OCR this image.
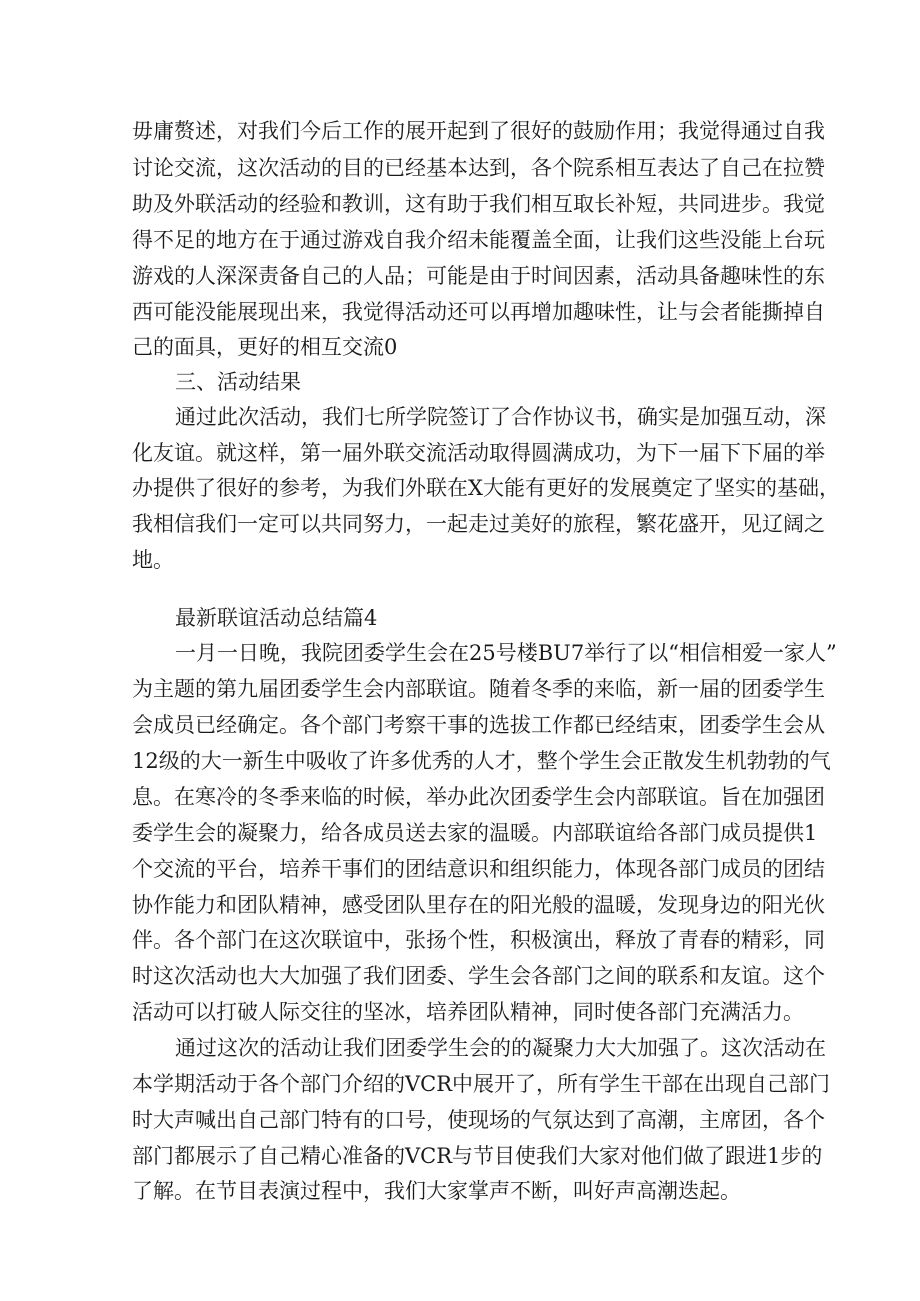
毋庸赘述，对我们今后工作的展开起到了很好的鼓励作用；我觉得通过自我
讨论交流，这次活动的目的已经基本达到，各个院系相互表达了自己在拉赞
助及外联活动的经验和教训，这有助于我们相互取长补短，共同进步。我觉
得不足的地方在于通过游戏自我介绍未能覆盖全面，让我们这些没能上台玩
游戏的人深深责备自己的人品；可能是由于时间因素，活动具备趣味性的东
西可能没能展现出来，我觉得活动还可以再增加趣味性，让与会者能撕掉自
己的面具，更好的相互交流0
三、活动结果
通过此次活动，我们七所学院签订了合作协议书，确实是加强互动，深
化友谊。就这样，第一届外联交流活动取得圆满成功，为下一届下下届的举
办提供了很好的参考，为我们外联在X大能有更好的发展奠定了坚实的基础，
我相信我们一定可以共同努力，一起走过美好的旅程，繁花盛开，见辽阔之
地。
最新联谊活动总结篇4
一月一日晚，我院团委学生会在25号楼BU7举行了以“相信相爱一家人”
为主题的第九届团委学生会内部联谊。随着冬季的来临，新一届的团委学生
会成员已经确定。各个部门考察干事的选拔工作都已经结束，团委学生会从
12级的大一新生中吸收了许多优秀的人才，整个学生会正散发生机勃勃的气
息。在寒冷的冬季来临的时候，举办此次团委学生会内部联谊。旨在加强团
委学生会的凝聚力，给各成员送去家的温暖。内部联谊给各部门成员提供1
个交流的平台，培养干事们的团结意识和组织能力，体现各部门成员的团结
协作能力和团队精神，感受团队里存在的阳光般的温暖，发现身边的阳光伙
伴。各个部门在这次联谊中，张扬个性，积极演出，释放了青春的精彩，同
时这次活动也大大加强了我们团委、学生会各部门之间的联系和友谊。这个
活动可以打破人际交往的坚冰，培养团队精神，同时使各部门充满活力。
通过这次的活动让我们团委学生会的的凝聚力大大加强了。这次活动在
本学期活动于各个部门介绍的VCR中展开了，所有学生干部在出现自己部门
时大声喊出自己部门特有的口号，使现场的气氛达到了高潮，主席团，各个
部门都展示了自己精心准备的VCR与节目使我们大家对他们做了跟进1步的
了解。在节目表演过程中，我们大家掌声不断，叫好声高潮迭起。
